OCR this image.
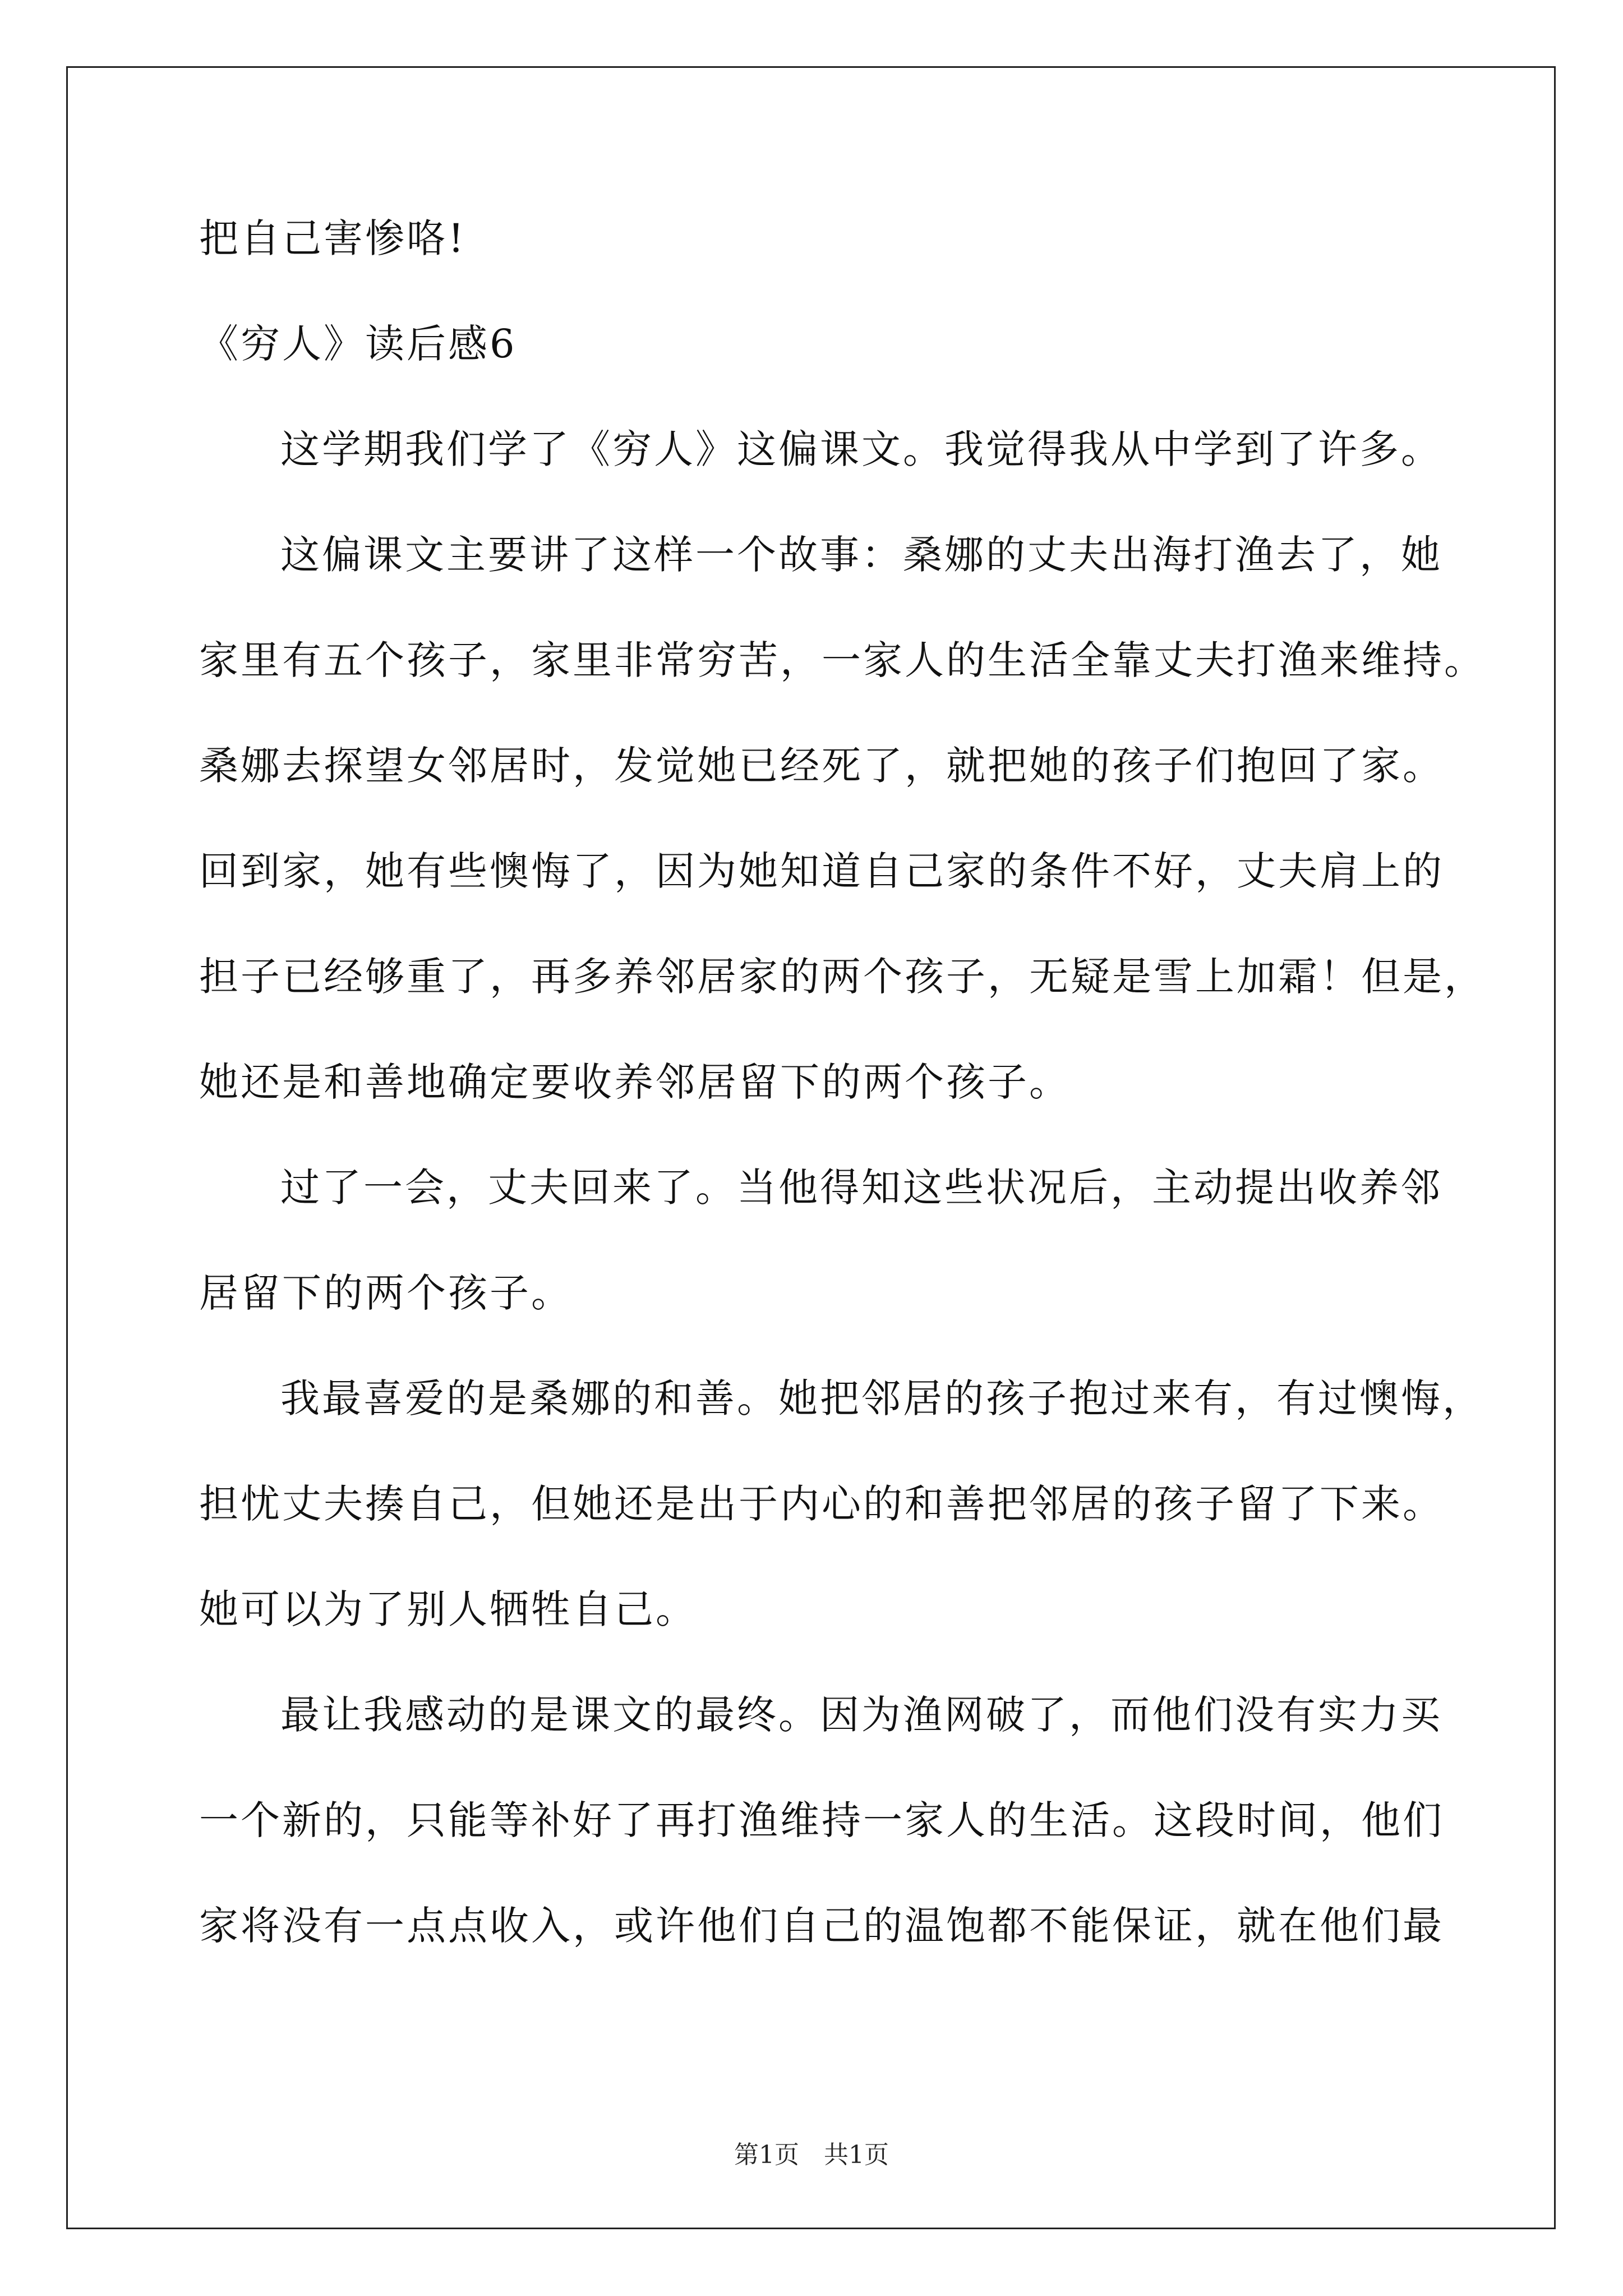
把自己害惨咯!
《穷人》读后感6
这学期我们学了《穷人》这偏课文。我觉得我从中学到了许多。
这偏课文主要讲了这样一个故事：桑娜的丈夫出海打渔去了，她
家里有五个孩子，家里非常穷苦，一家人的生活全靠丈夫打渔来维持。
桑娜去探望女邻居时，发觉她已经死了，就把她的孩子们抱回了家。
回到家，她有些懊悔了，因为她知道自己家的条件不好，丈夫肩上的
担子已经够重了，再多养邻居家的两个孩子，无疑是雪上加霜！但是，
她还是和善地确定要收养邻居留下的两个孩子。
过了一会，丈夫回来了。当他得知这些状况后，主动提出收养邻
居留下的两个孩子。
我最喜爱的是桑娜的和善。她把邻居的孩子抱过来有，有过懊悔，
担忧丈夫揍自己，但她还是出于内心的和善把邻居的孩子留了下来。
她可以为了别人牺牲自己。
最让我感动的是课文的最终。因为渔网破了，而他们没有实力买
一个新的，只能等补好了再打渔维持一家人的生活。这段时间，他们
家将没有一点点收入，或许他们自己的温饱都不能保证，就在他们最
第1页 共1页
